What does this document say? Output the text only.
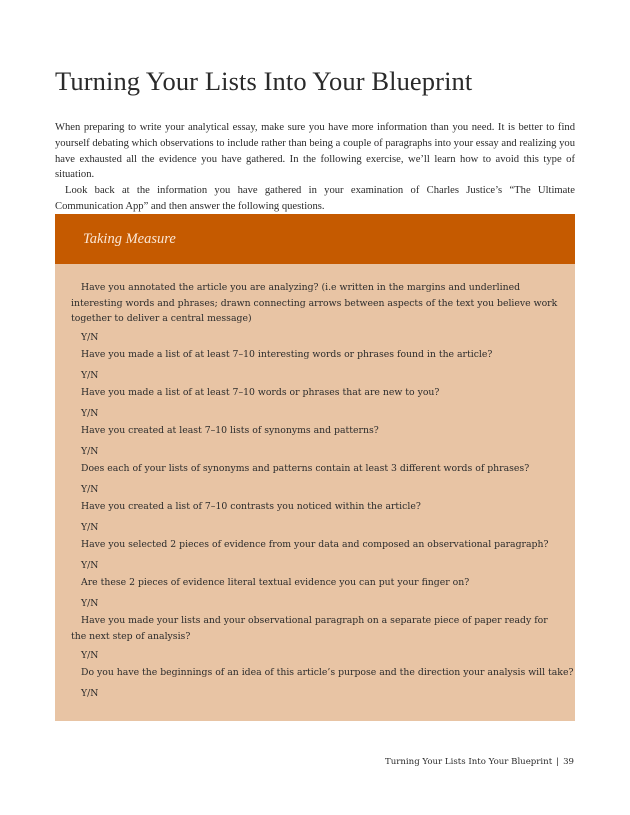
Turning Your Lists Into Your Blueprint

When preparing to write your analytical essay, make sure you have more information than you need. It is better to find yourself debating which observations to include rather than being a couple of paragraphs into your essay and realizing you have exhausted all the evidence you have gathered. In the following exercise, we’ll learn how to avoid this type of situation.

Look back at the information you have gathered in your examination of Charles Justice’s “The Ultimate Communication App” and then answer the following questions.

Taking Measure
Have you annotated the article you are analyzing? (i.e written in the margins and underlined interesting words and phrases; drawn connecting arrows between aspects of the text you believe work together to deliver a central message)
Y/N
Have you made a list of at least 7–10 interesting words or phrases found in the article?
Y/N
Have you made a list of at least 7–10 words or phrases that are new to you?
Y/N
Have you created at least 7–10 lists of synonyms and patterns?
Y/N
Does each of your lists of synonyms and patterns contain at least 3 different words of phrases?
Y/N
Have you created a list of 7–10 contrasts you noticed within the article?
Y/N
Have you selected 2 pieces of evidence from your data and composed an observational paragraph?
Y/N
Are these 2 pieces of evidence literal textual evidence you can put your finger on?
Y/N
Have you made your lists and your observational paragraph on a separate piece of paper ready for the next step of analysis?
Y/N
Do you have the beginnings of an idea of this article’s purpose and the direction your analysis will take?
Y/N
Turning Your Lists Into Your Blueprint | 39
